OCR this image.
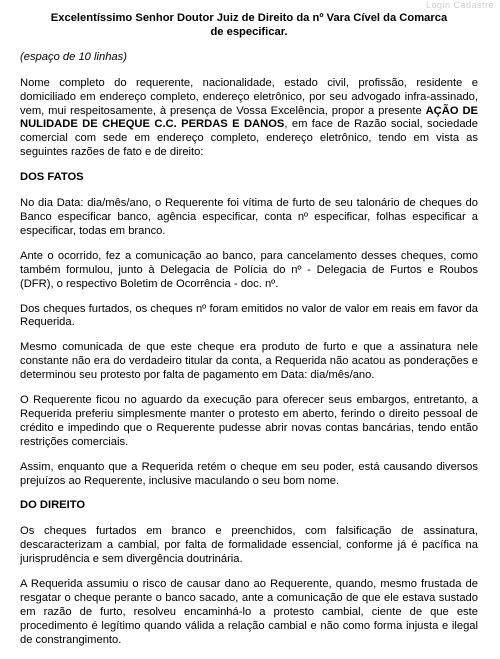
Login Cadastre
Excelentíssimo Senhor Doutor Juiz de Direito da nº Vara Cível da Comarca
de especificar.
(espaço de 10 linhas)

Nome completo do requerente, nacionalidade, estado civil, profissão, residente e domiciliado em endereço completo, endereço eletrônico, por seu advogado infra-assinado, vem, mui respeitosamente, à presença de Vossa Excelência, propor a presente AÇÃO DE NULIDADE DE CHEQUE C.C. PERDAS E DANOS, em face de Razão social, sociedade comercial com sede em endereço completo, endereço eletrônico, tendo em vista as seguintes razões de fato e de direito:

DOS FATOS

No dia Data: dia/mês/ano, o Requerente foi vítima de furto de seu talonário de cheques do Banco especificar banco, agência especificar, conta nº especificar, folhas especificar a especificar, todas em branco.

Ante o ocorrido, fez a comunicação ao banco, para cancelamento desses cheques, como também formulou, junto à Delegacia de Polícia do nº - Delegacia de Furtos e Roubos (DFR), o respectivo Boletim de Ocorrência - doc. nº.

Dos cheques furtados, os cheques nº foram emitidos no valor de valor em reais em favor da Requerida.

Mesmo comunicada de que este cheque era produto de furto e que a assinatura nele constante não era do verdadeiro titular da conta, a Requerida não acatou as ponderações e determinou seu protesto por falta de pagamento em Data: dia/mês/ano.

O Requerente ficou no aguardo da execução para oferecer seus embargos, entretanto, a Requerida preferiu simplesmente manter o protesto em aberto, ferindo o direito pessoal de crédito e impedindo que o Requerente pudesse abrir novas contas bancárias, tendo então restrições comerciais.

Assim, enquanto que a Requerida retém o cheque em seu poder, está causando diversos prejuízos ao Requerente, inclusive maculando o seu bom nome.

DO DIREITO

Os cheques furtados em branco e preenchidos, com falsificação de assinatura, descaracterizam a cambial, por falta de formalidade essencial, conforme já é pacífica na jurisprudência e sem divergência doutrinária.

A Requerida assumiu o risco de causar dano ao Requerente, quando, mesmo frustada de resgatar o cheque perante o banco sacado, ante a comunicação de que ele estava sustado em razão de furto, resolveu encaminhá-lo a protesto cambial, ciente de que este procedimento é legítimo quando válida a relação cambial e não como forma injusta e ilegal de constrangimento.
